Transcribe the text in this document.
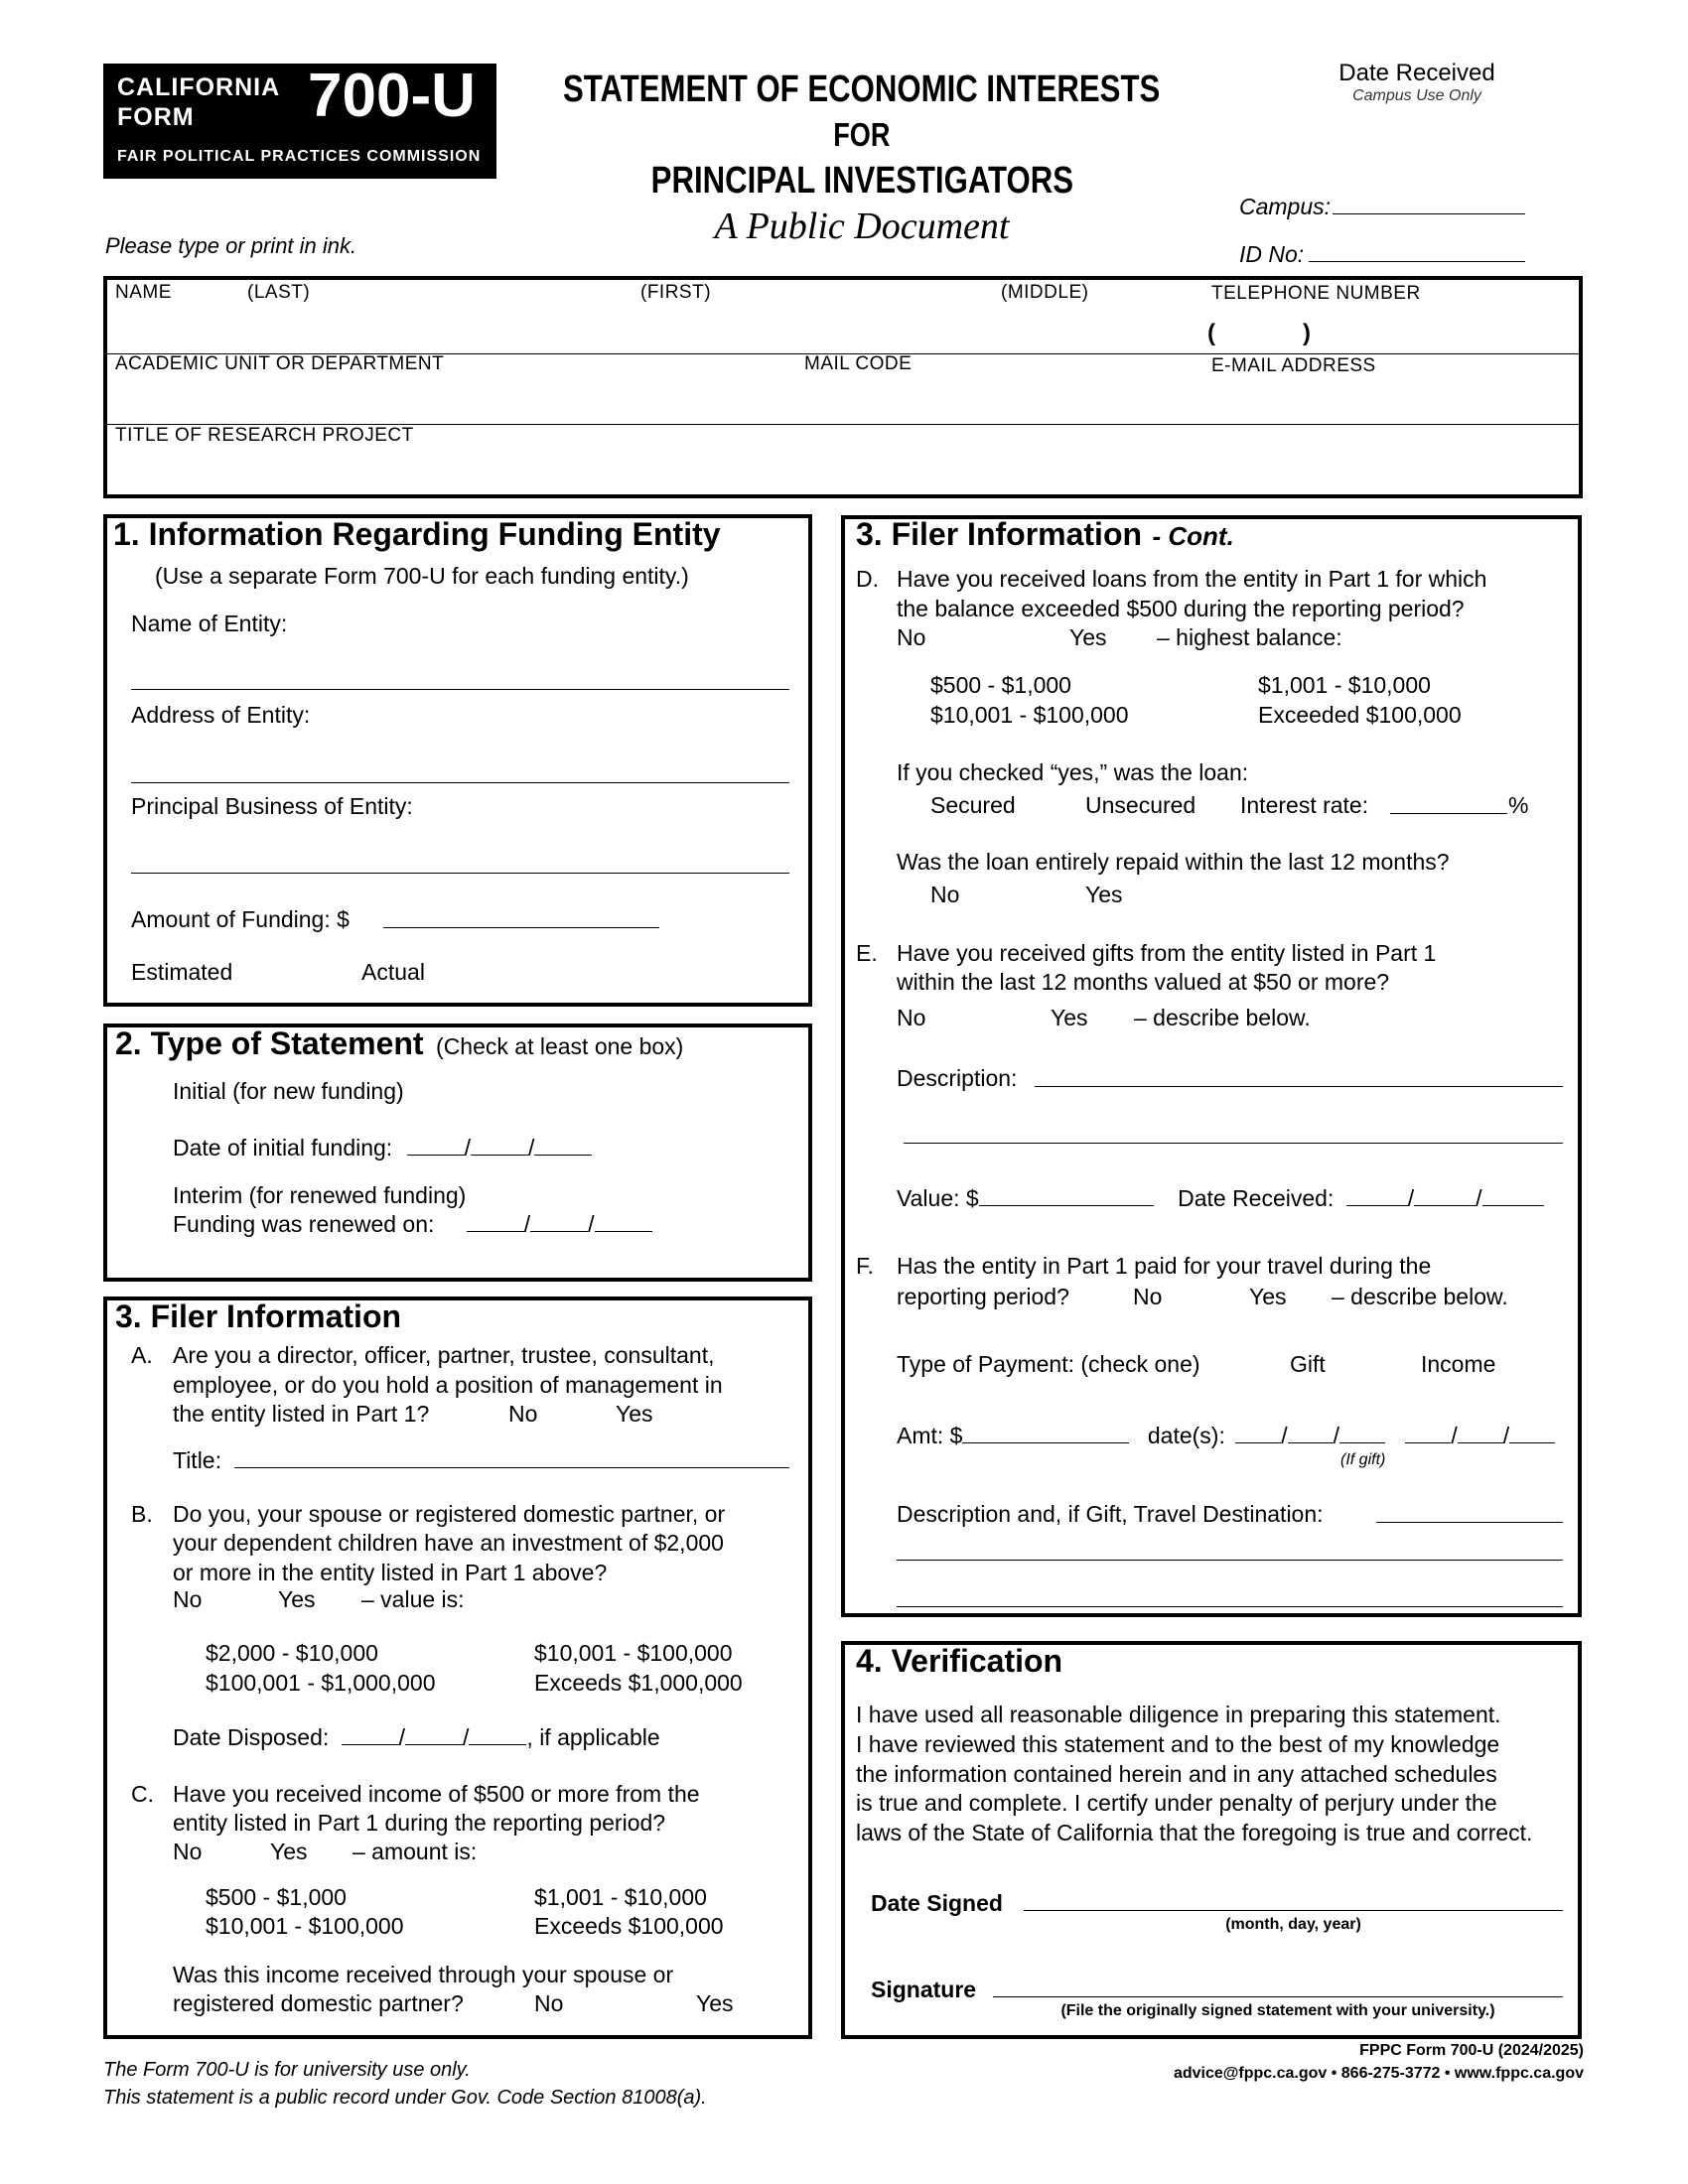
CALIFORNIA
FORM 700-U
FAIR POLITICAL PRACTICES COMMISSION
STATEMENT OF ECONOMIC INTERESTS
FOR
PRINCIPAL INVESTIGATORS
A Public Document
Date Received
Campus Use Only
Campus:
ID No:
Please type or print in ink.
NAME	(LAST)	(FIRST)	(MIDDLE)	TELEPHONE NUMBER
(	)
ACADEMIC UNIT OR DEPARTMENT	MAIL CODE	E-MAIL ADDRESS
TITLE OF RESEARCH PROJECT
1. Information Regarding Funding Entity
(Use a separate Form 700-U for each funding entity.)
Name of Entity:
Address of Entity:
Principal Business of Entity:
Amount of Funding: $
Estimated	Actual
2. Type of Statement (Check at least one box)
Initial (for new funding)
Date of initial funding:	/	/
Interim (for renewed funding)
Funding was renewed on:	/	/
3. Filer Information
A. Are you a director, officer, partner, trustee, consultant,
employee, or do you hold a position of management in
the entity listed in Part 1?	No	Yes
Title:
B. Do you, your spouse or registered domestic partner, or
your dependent children have an investment of $2,000
or more in the entity listed in Part 1 above?
No	Yes – value is:
$2,000 - $10,000	$10,001 - $100,000
$100,001 - $1,000,000	Exceeds $1,000,000
Date Disposed:	/	/	, if applicable
C. Have you received income of $500 or more from the
entity listed in Part 1 during the reporting period?
No	Yes – amount is:
$500 - $1,000	$1,001 - $10,000
$10,001 - $100,000	Exceeds $100,000
Was this income received through your spouse or
registered domestic partner?	No	Yes
3. Filer Information - Cont.
D. Have you received loans from the entity in Part 1 for which
the balance exceeded $500 during the reporting period?
No	Yes – highest balance:
$500 - $1,000	$1,001 - $10,000
$10,001 - $100,000	Exceeded $100,000
If you checked “yes,” was the loan:
Secured	Unsecured Interest rate:	%
Was the loan entirely repaid within the last 12 months?
No	Yes
E. Have you received gifts from the entity listed in Part 1
within the last 12 months valued at $50 or more?
No	Yes – describe below.
Description:
Value: $	Date Received:	/	/
F. Has the entity in Part 1 paid for your travel during the
reporting period?	No	Yes – describe below.
Type of Payment: (check one)	Gift	Income
Amt: $	date(s): / /	/ /
(If gift)
Description and, if Gift, Travel Destination:
4. Verification
I have used all reasonable diligence in preparing this statement.
I have reviewed this statement and to the best of my knowledge
the information contained herein and in any attached schedules
is true and complete. I certify under penalty of perjury under the
laws of the State of California that the foregoing is true and correct.
Date Signed
(month, day, year)
Signature
(File the originally signed statement with your university.)
The Form 700-U is for university use only.
This statement is a public record under Gov. Code Section 81008(a).
FPPC Form 700-U (2024/2025)
advice@fppc.ca.gov • 866-275-3772 • www.fppc.ca.gov
